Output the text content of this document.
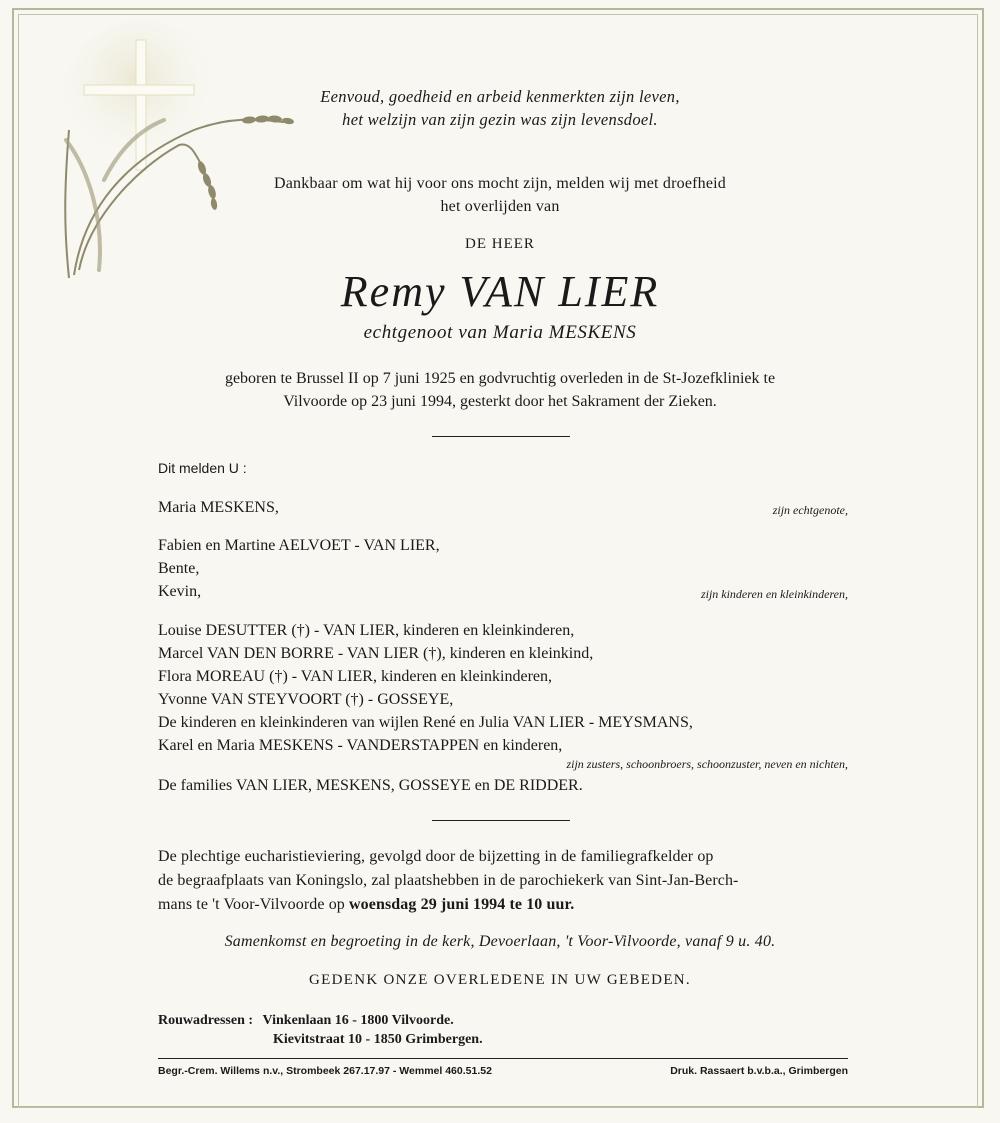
Eenvoud, goedheid en arbeid kenmerkten zijn leven,

het welzijn van zijn gezin was zijn levensdoel.

Dankbaar om wat hij voor ons mocht zijn, melden wij met droefheid

het overlijden van

DE HEER

Remy VAN LIER

echtgenoot van Maria MESKENS

geboren te Brussel II op 7 juni 1925 en godvruchtig overleden in de St-Jozefkliniek te

Vilvoorde op 23 juni 1994, gesterkt door het Sakrament der Zieken.

Dit melden U :

Maria MESKENS,	zijn echtgenote,
Fabien en Martine AELVOET - VAN LIER,
Bente,
Kevin,	zijn kinderen en kleinkinderen,
Louise DESUTTER (†) - VAN LIER, kinderen en kleinkinderen,
Marcel VAN DEN BORRE - VAN LIER (†), kinderen en kleinkind,
Flora MOREAU (†) - VAN LIER, kinderen en kleinkinderen,
Yvonne VAN STEYVOORT (†) - GOSSEYE,
De kinderen en kleinkinderen van wijlen René en Julia VAN LIER - MEYSMANS,
Karel en Maria MESKENS - VANDERSTAPPEN en kinderen,
zijn zusters, schoonbroers, schoonzuster, neven en nichten,
De families VAN LIER, MESKENS, GOSSEYE en DE RIDDER.

De plechtige eucharistieviering, gevolgd door de bijzetting in de familiegrafkelder op

de begraafplaats van Koningslo, zal plaatshebben in de parochiekerk van Sint-Jan-Berch-

mans te 't Voor-Vilvoorde op woensdag 29 juni 1994 te 10 uur.

Samenkomst en begroeting in de kerk, Devoerlaan, 't Voor-Vilvoorde, vanaf 9 u. 40.

GEDENK ONZE OVERLEDENE IN UW GEBEDEN.

Rouwadressen : Vinkenlaan 16 - 1800 Vilvoorde.

Kievitstraat 10 - 1850 Grimbergen.

Begr.-Crem. Willems n.v., Strombeek 267.17.97 - Wemmel 460.51.52	Druk. Rassaert b.v.b.a., Grimbergen
